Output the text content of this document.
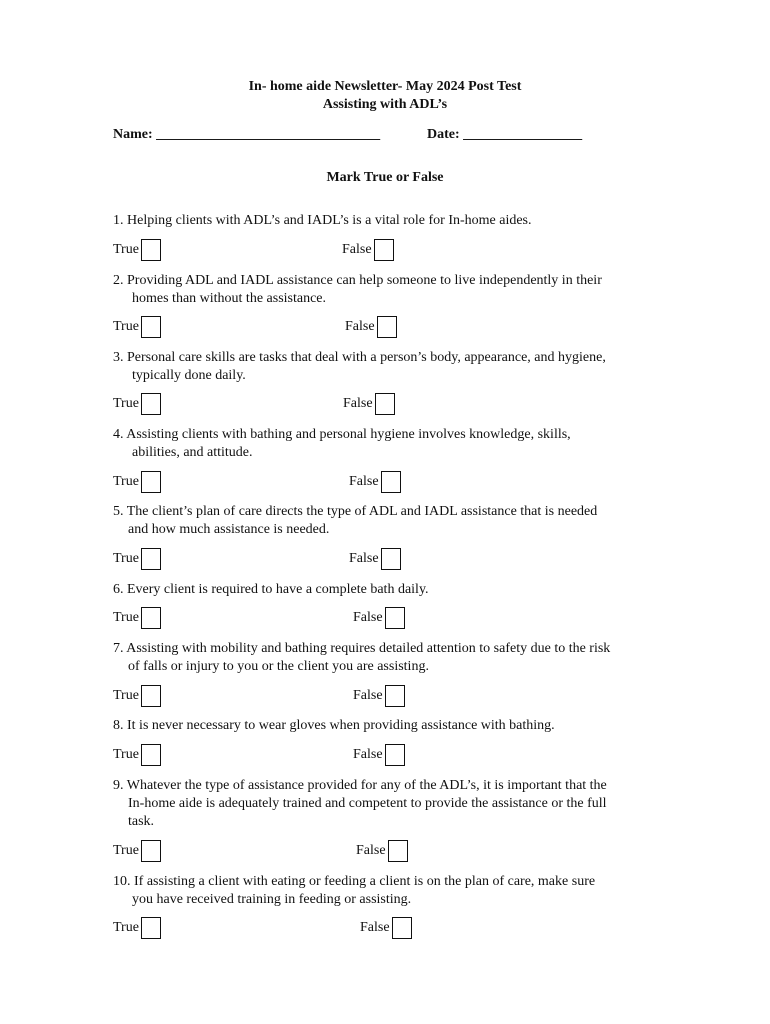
In- home aide Newsletter- May 2024 Post Test
Assisting with ADL’s
Name: ________________________________	Date: _________________
Mark True or False
1. Helping clients with ADL’s and IADL’s is a vital role for In-home aides.
True	False
2. Providing ADL and IADL assistance can help someone to live independently in their
homes than without the assistance.
True	False
3. Personal care skills are tasks that deal with a person’s body, appearance, and hygiene,
typically done daily.
True	False
4. Assisting clients with bathing and personal hygiene involves knowledge, skills,
abilities, and attitude.
True	False
5. The client’s plan of care directs the type of ADL and IADL assistance that is needed
and how much assistance is needed.
True	False
6. Every client is required to have a complete bath daily.
True	False
7. Assisting with mobility and bathing requires detailed attention to safety due to the risk
of falls or injury to you or the client you are assisting.
True	False
8. It is never necessary to wear gloves when providing assistance with bathing.
True	False
9. Whatever the type of assistance provided for any of the ADL’s, it is important that the
In-home aide is adequately trained and competent to provide the assistance or the full
task.
True	False
10. If assisting a client with eating or feeding a client is on the plan of care, make sure
you have received training in feeding or assisting.
True	False
